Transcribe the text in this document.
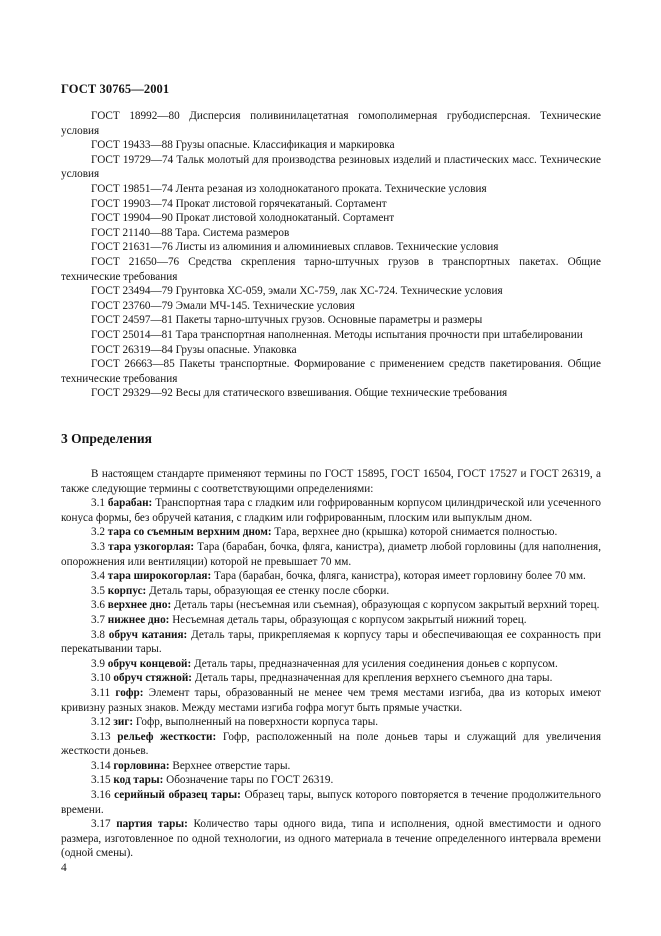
ГОСТ 30765—2001

ГОСТ 18992—80 Дисперсия поливинилацетатная гомополимерная грубодисперсная. Технические условия

ГОСТ 19433—88 Грузы опасные. Классификация и маркировка

ГОСТ 19729—74 Тальк молотый для производства резиновых изделий и пластических масс. Технические условия

ГОСТ 19851—74 Лента резаная из холоднокатаного проката. Технические условия

ГОСТ 19903—74 Прокат листовой горячекатаный. Сортамент

ГОСТ 19904—90 Прокат листовой холоднокатаный. Сортамент

ГОСТ 21140—88 Тара. Система размеров

ГОСТ 21631—76 Листы из алюминия и алюминиевых сплавов. Технические условия

ГОСТ 21650—76 Средства скрепления тарно-штучных грузов в транспортных пакетах. Общие технические требования

ГОСТ 23494—79 Грунтовка ХС-059, эмали ХС-759, лак ХС-724. Технические условия

ГОСТ 23760—79 Эмали МЧ-145. Технические условия

ГОСТ 24597—81 Пакеты тарно-штучных грузов. Основные параметры и размеры

ГОСТ 25014—81 Тара транспортная наполненная. Методы испытания прочности при штабелировании

ГОСТ 26319—84 Грузы опасные. Упаковка

ГОСТ 26663—85 Пакеты транспортные. Формирование с применением средств пакетирования. Общие технические требования

ГОСТ 29329—92 Весы для статического взвешивания. Общие технические требования

3 Определения

В настоящем стандарте применяют термины по ГОСТ 15895, ГОСТ 16504, ГОСТ 17527 и ГОСТ 26319, а также следующие термины с соответствующими определениями:

3.1 барабан: Транспортная тара с гладким или гофрированным корпусом цилиндрической или усеченного конуса формы, без обручей катания, с гладким или гофрированным, плоским или выпуклым дном.

3.2 тара со съемным верхним дном: Тара, верхнее дно (крышка) которой снимается полностью.

3.3 тара узкогорлая: Тара (барабан, бочка, фляга, канистра), диаметр любой горловины (для наполнения, опорожнения или вентиляции) которой не превышает 70 мм.

3.4 тара широкогорлая: Тара (барабан, бочка, фляга, канистра), которая имеет горловину более 70 мм.

3.5 корпус: Деталь тары, образующая ее стенку после сборки.

3.6 верхнее дно: Деталь тары (несъемная или съемная), образующая с корпусом закрытый верхний торец.

3.7 нижнее дно: Несъемная деталь тары, образующая с корпусом закрытый нижний торец.

3.8 обруч катания: Деталь тары, прикрепляемая к корпусу тары и обеспечивающая ее сохранность при перекатывании тары.

3.9 обруч концевой: Деталь тары, предназначенная для усиления соединения доньев с корпусом.

3.10 обруч стяжной: Деталь тары, предназначенная для крепления верхнего съемного дна тары.

3.11 гофр: Элемент тары, образованный не менее чем тремя местами изгиба, два из которых имеют кривизну разных знаков. Между местами изгиба гофра могут быть прямые участки.

3.12 зиг: Гофр, выполненный на поверхности корпуса тары.

3.13 рельеф жесткости: Гофр, расположенный на поле доньев тары и служащий для увеличения жесткости доньев.

3.14 горловина: Верхнее отверстие тары.

3.15 код тары: Обозначение тары по ГОСТ 26319.

3.16 серийный образец тары: Образец тары, выпуск которого повторяется в течение продолжительного времени.

3.17 партия тары: Количество тары одного вида, типа и исполнения, одной вместимости и одного размера, изготовленное по одной технологии, из одного материала в течение определенного интервала времени (одной смены).

4
